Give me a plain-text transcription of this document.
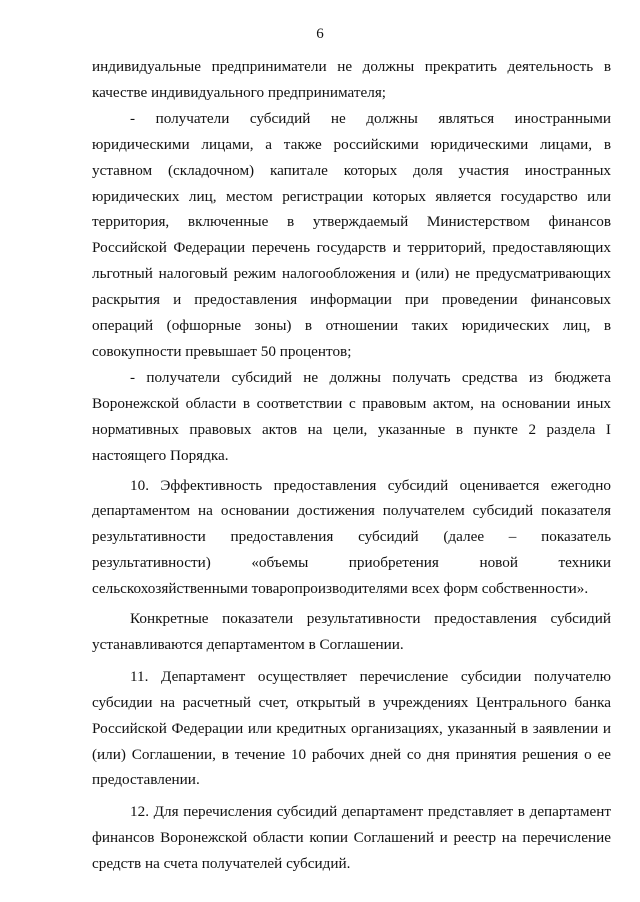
6

индивидуальные предприниматели не должны прекратить деятельность в качестве индивидуального предпринимателя;

- получатели субсидий не должны являться иностранными юридическими лицами, а также российскими юридическими лицами, в уставном (складочном) капитале которых доля участия иностранных юридических лиц, местом регистрации которых является государство или территория, включенные в утверждаемый Министерством финансов Российской Федерации перечень государств и территорий, предоставляющих льготный налоговый режим налогообложения и (или) не предусматривающих раскрытия и предоставления информации при проведении финансовых операций (офшорные зоны) в отношении таких юридических лиц, в совокупности превышает 50 процентов;

- получатели субсидий не должны получать средства из бюджета Воронежской области в соответствии с правовым актом, на основании иных нормативных правовых актов на цели, указанные в пункте 2 раздела I настоящего Порядка.

10. Эффективность предоставления субсидий оценивается ежегодно департаментом на основании достижения получателем субсидий показателя результативности предоставления субсидий (далее – показатель результативности) «объемы приобретения новой техники сельскохозяйственными товаропроизводителями всех форм собственности».

Конкретные показатели результативности предоставления субсидий устанавливаются департаментом в Соглашении.

11. Департамент осуществляет перечисление субсидии получателю субсидии на расчетный счет, открытый в учреждениях Центрального банка Российской Федерации или кредитных организациях, указанный в заявлении и (или) Соглашении, в течение 10 рабочих дней со дня принятия решения о ее предоставлении.

12. Для перечисления субсидий департамент представляет в департамент финансов Воронежской области копии Соглашений и реестр на перечисление средств на счета получателей субсидий.
